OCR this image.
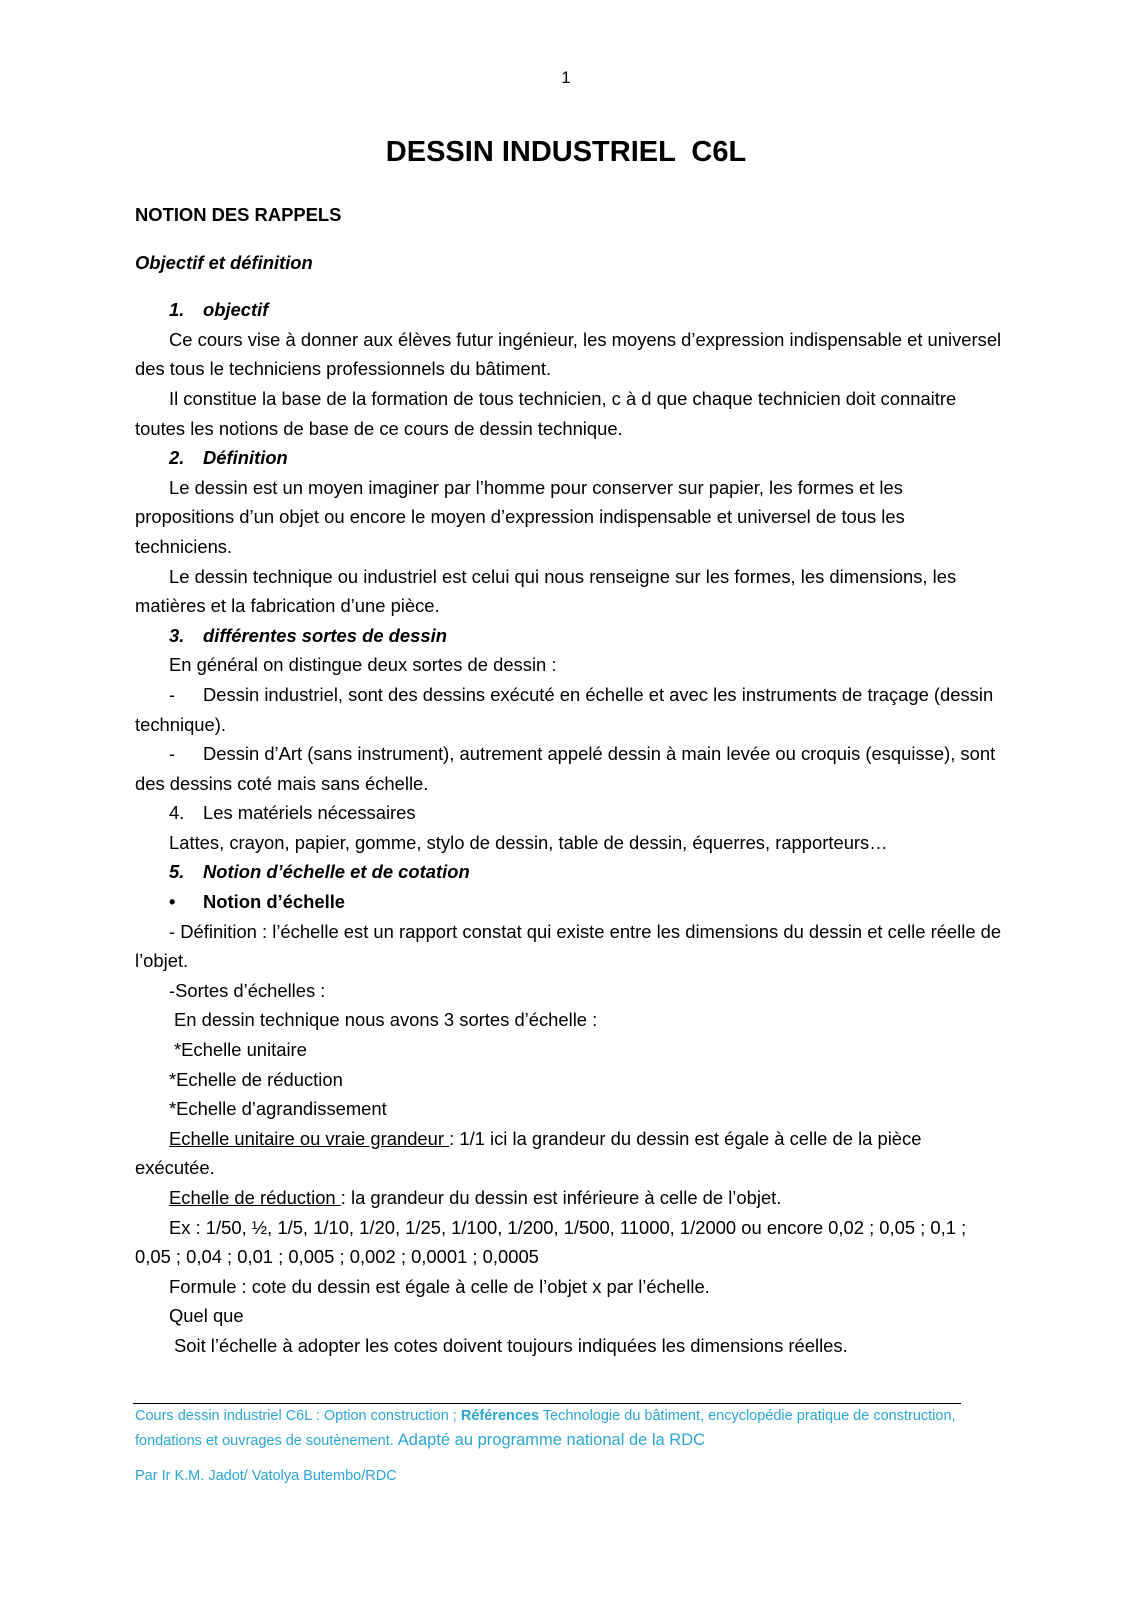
1
DESSIN INDUSTRIEL  C6L

NOTION DES RAPPELS

Objectif et définition

1. objectif

Ce cours vise à donner aux élèves futur ingénieur, les moyens d’expression indispensable et universel des tous le techniciens professionnels du bâtiment.

Il constitue la base de la formation de tous technicien, c à d que chaque technicien doit connaitre toutes les notions de base de ce cours de dessin technique.

2. Définition

Le dessin est un moyen imaginer par l’homme pour conserver sur papier, les formes et les propositions d’un objet ou encore le moyen d’expression indispensable et universel de tous les techniciens.

Le dessin technique ou industriel est celui qui nous renseigne sur les formes, les dimensions, les matières et la fabrication d’une pièce.

3. différentes sortes de dessin

En général on distingue deux sortes de dessin :

- Dessin industriel, sont des dessins exécuté en échelle et avec les instruments de traçage (dessin technique).

- Dessin d’Art (sans instrument), autrement appelé dessin à main levée ou croquis (esquisse), sont des dessins coté mais sans échelle.

4. Les matériels nécessaires

Lattes, crayon, papier, gomme, stylo de dessin, table de dessin, équerres, rapporteurs…

5. Notion d’échelle et de cotation

• Notion d’échelle

- Définition : l’échelle est un rapport constat qui existe entre les dimensions du dessin et celle réelle de l’objet.

-Sortes d’échelles :

En dessin technique nous avons 3 sortes d’échelle :

*Echelle unitaire

*Echelle de réduction

*Echelle d’agrandissement

Echelle unitaire ou vraie grandeur : 1/1 ici la grandeur du dessin est égale à celle de la pièce exécutée.

Echelle de réduction : la grandeur du dessin est inférieure à celle de l’objet.

Ex : 1/50, ½, 1/5, 1/10, 1/20, 1/25, 1/100, 1/200, 1/500, 11000, 1/2000 ou encore 0,02 ; 0,05 ; 0,1 ; 0,05 ; 0,04 ; 0,01 ; 0,005 ; 0,002 ; 0,0001 ; 0,0005

Formule : cote du dessin est égale à celle de l’objet x par l’échelle.

Quel que

Soit l’échelle à adopter les cotes doivent toujours indiquées les dimensions réelles.

Cours dessin industriel C6L : Option construction ; Références Technologie du bâtiment, encyclopédie pratique de construction, fondations et ouvrages de soutènement. Adapté au programme national de la RDC
Par Ir K.M. Jadot/ Vatolya Butembo/RDC
